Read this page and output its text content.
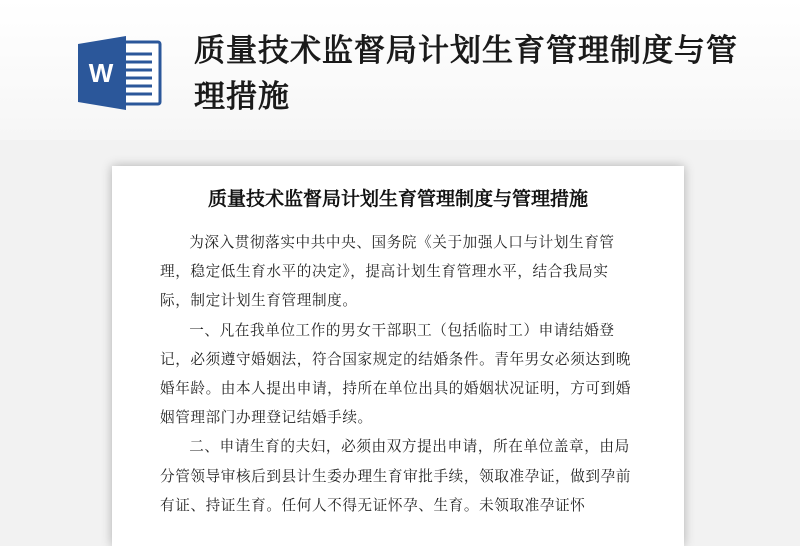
W
质量技术监督局计划生育管理制度与管理措施
质量技术监督局计划生育管理制度与管理措施

为深入贯彻落实中共中央、国务院《关于加强人口与计划生育管理，稳定低生育水平的决定》，提高计划生育管理水平，结合我局实际，制定计划生育管理制度。

一、凡在我单位工作的男女干部职工（包括临时工）申请结婚登记，必须遵守婚姻法，符合国家规定的结婚条件。青年男女必须达到晚婚年龄。由本人提出申请，持所在单位出具的婚姻状况证明，方可到婚姻管理部门办理登记结婚手续。

二、申请生育的夫妇，必须由双方提出申请，所在单位盖章，由局分管领导审核后到县计生委办理生育审批手续，领取准孕证，做到孕前有证、持证生育。任何人不得无证怀孕、生育。未领取准孕证怀
